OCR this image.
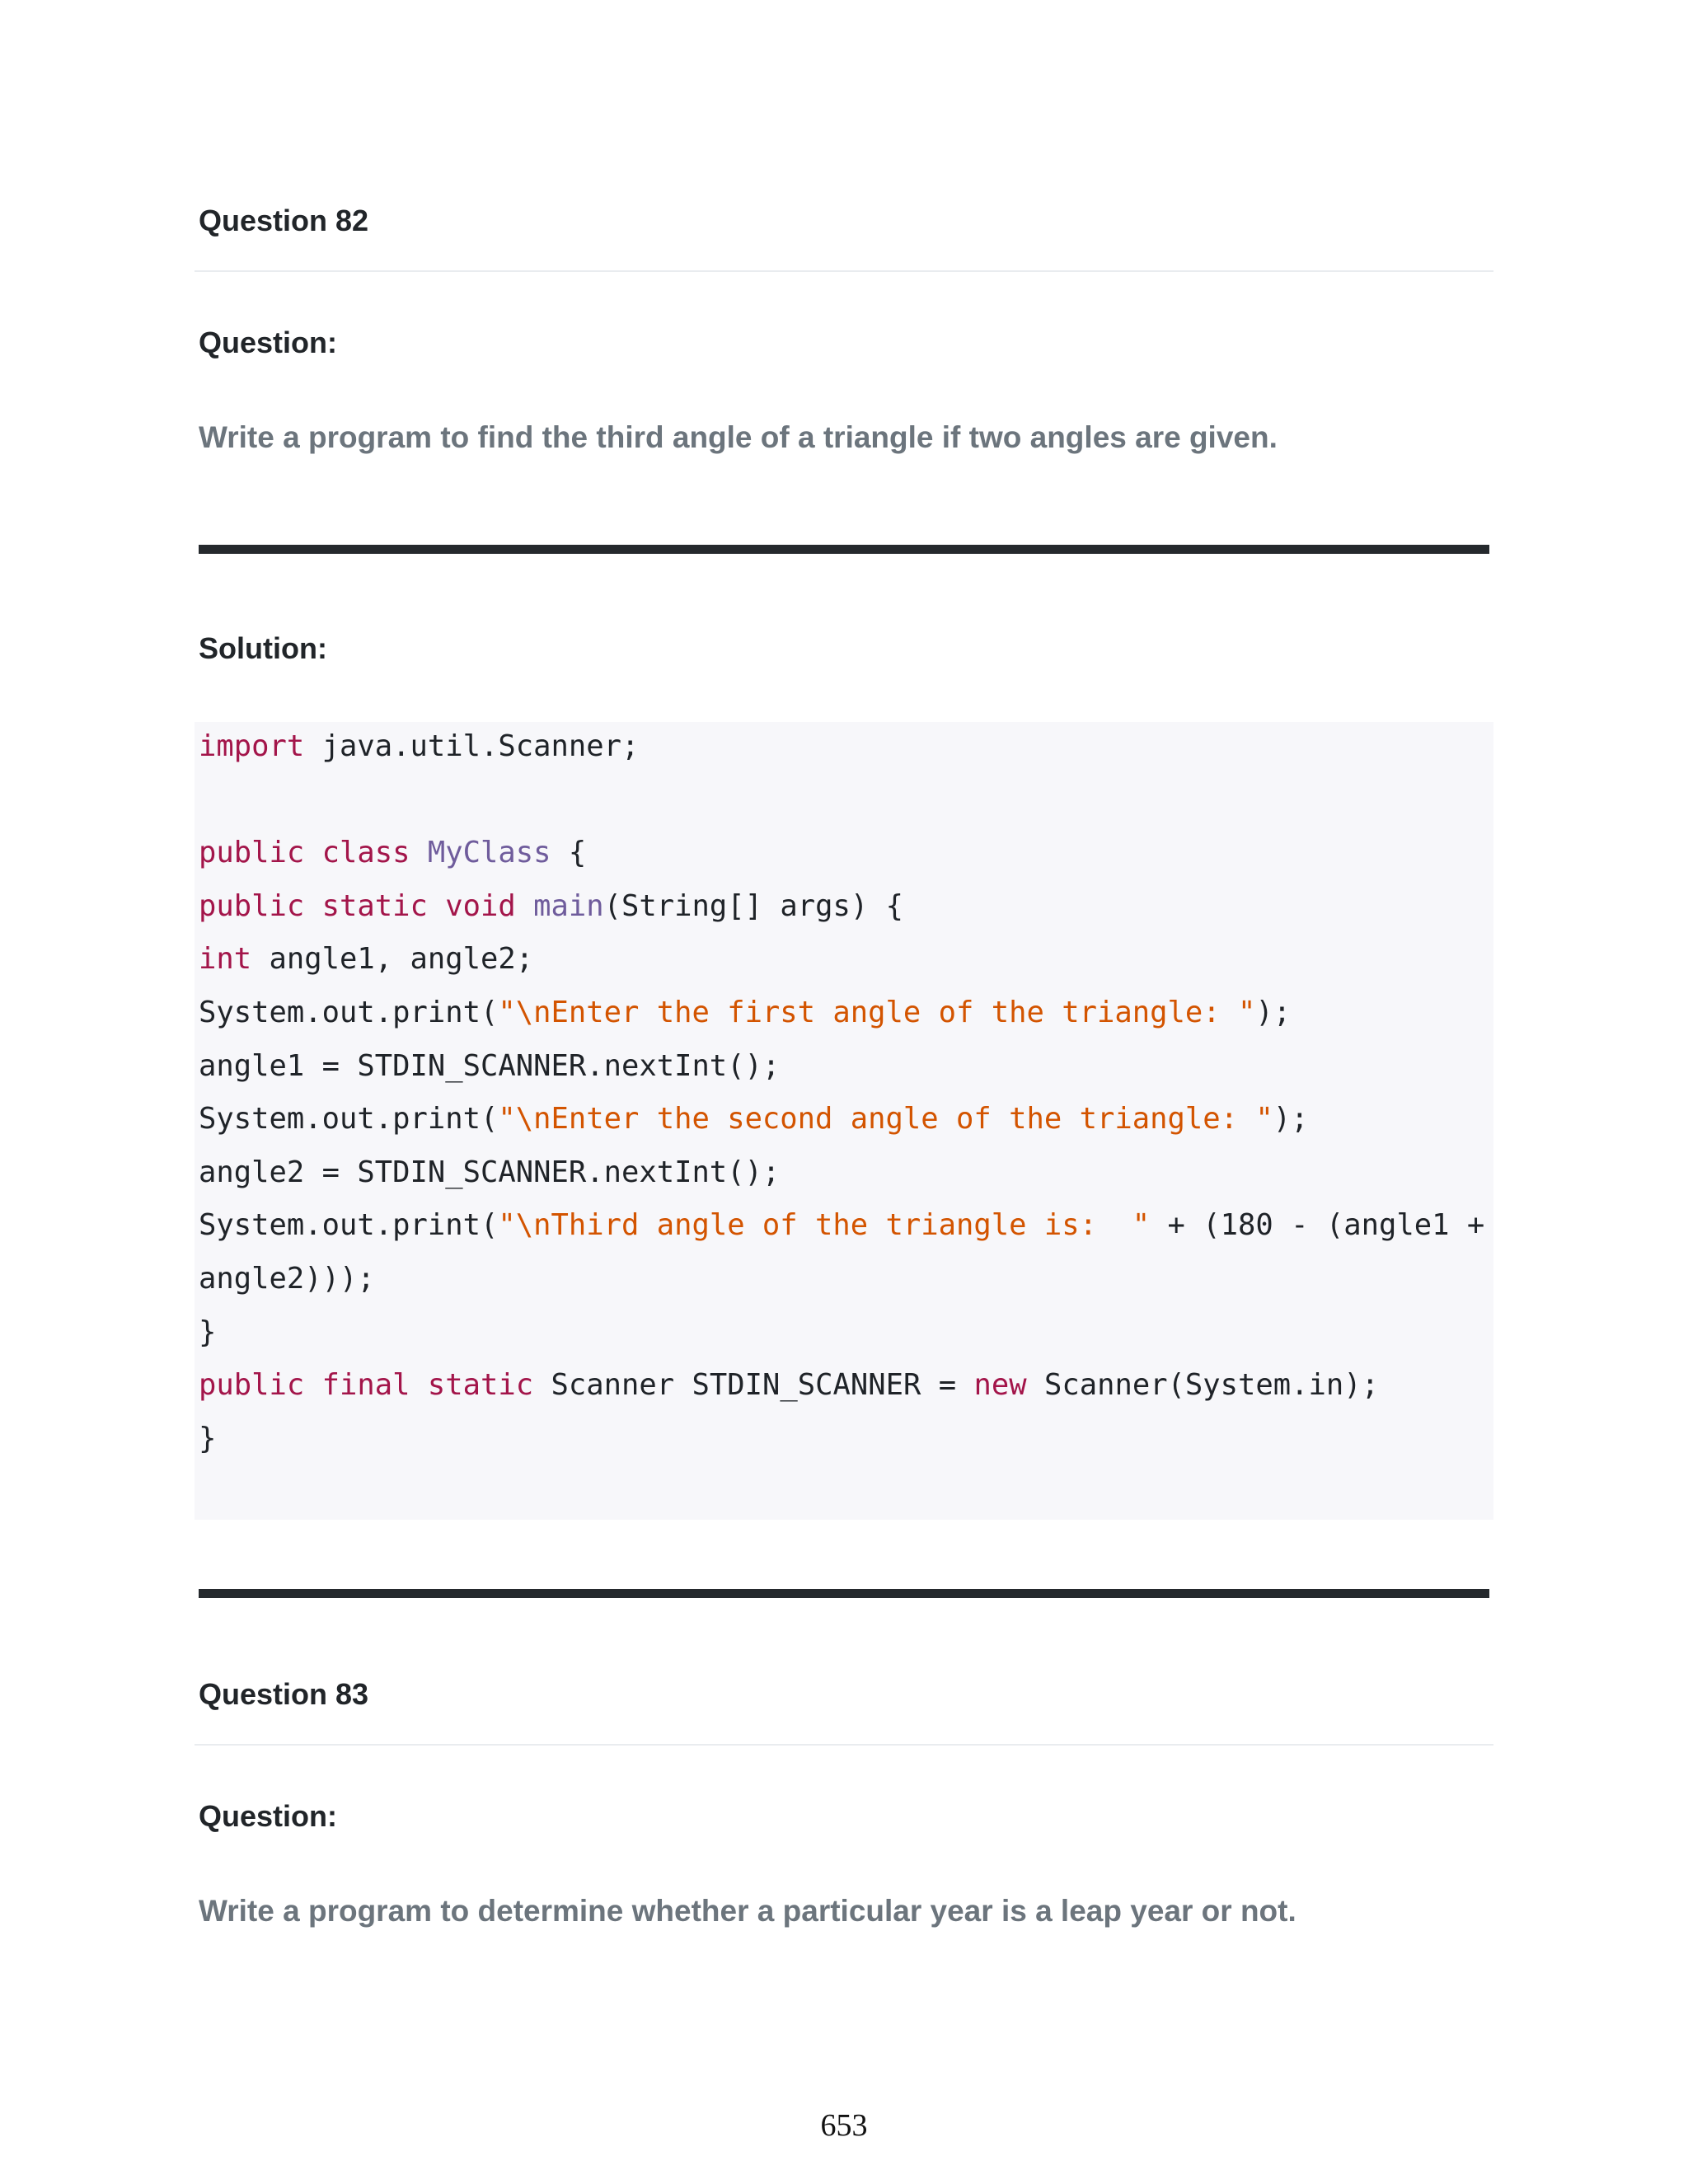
Question 82
Question:

Write a program to find the third angle of a triangle if two angles are given.

Solution:
import java.util.Scanner;
public class MyClass {
public static void main(String[] args) {
int angle1, angle2;
System.out.print("\nEnter the first angle of the triangle: ");
angle1 = STDIN_SCANNER.nextInt();
System.out.print("\nEnter the second angle of the triangle: ");
angle2 = STDIN_SCANNER.nextInt();
System.out.print("\nThird angle of the triangle is:  " + (180 - (angle1 +
angle2)));
}
public final static Scanner STDIN_SCANNER = new Scanner(System.in);
}
Question 83
Question:

Write a program to determine whether a particular year is a leap year or not.

653
